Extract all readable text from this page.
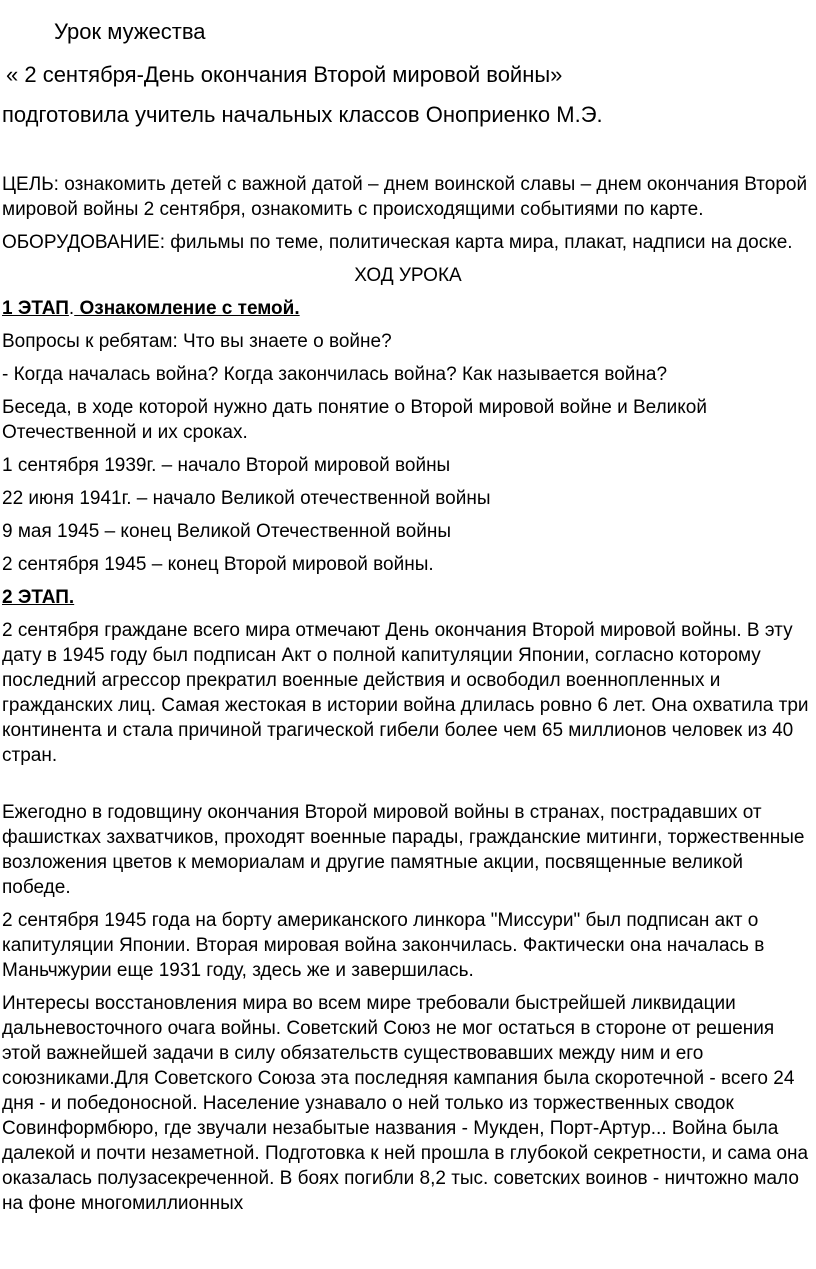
Урок мужества
« 2 сентября-День окончания Второй мировой войны»
подготовила учитель начальных классов Оноприенко М.Э.

ЦЕЛЬ: ознакомить детей с важной датой – днем воинской славы – днем окончания Второй мировой войны 2 сентября, ознакомить с происходящими событиями по карте.

ОБОРУДОВАНИЕ: фильмы по теме, политическая карта мира, плакат, надписи на доске.

ХОД УРОКА

1 ЭТАП. Ознакомление с темой.

Вопросы к ребятам: Что вы знаете о войне?

- Когда началась война? Когда закончилась война? Как называется война?

Беседа, в ходе которой нужно дать понятие о Второй мировой войне и Великой Отечественной и их сроках.

1 сентября 1939г. – начало Второй мировой войны

22 июня 1941г. – начало Великой отечественной войны

9 мая 1945 – конец Великой Отечественной войны

2 сентября 1945 – конец Второй мировой войны.

2 ЭТАП.

2 сентября граждане всего мира отмечают День окончания Второй мировой войны. В эту дату в 1945 году был подписан Акт о полной капитуляции Японии, согласно которому последний агрессор прекратил военные действия и освободил военнопленных и гражданских лиц. Самая жестокая в истории война длилась ровно 6 лет. Она охватила три континента и стала причиной трагической гибели более чем 65 миллионов человек из 40 стран.

Ежегодно в годовщину окончания Второй мировой войны в странах, пострадавших от фашистках захватчиков, проходят военные парады, гражданские митинги, торжественные возложения цветов к мемориалам и другие памятные акции, посвященные великой победе.

2 сентября 1945 года на борту американского линкора "Миссури" был подписан акт о капитуляции Японии. Вторая мировая война закончилась. Фактически она началась в Маньчжурии еще 1931 году, здесь же и завершилась.

Интересы восстановления мира во всем мире требовали быстрейшей ликвидации дальневосточного очага войны. Советский Союз не мог остаться в стороне от решения этой важнейшей задачи в силу обязательств существовавших между ним и его союзниками.Для Советского Союза эта последняя кампания была скоротечной - всего 24 дня - и победоносной. Население узнавало о ней только из торжественных сводок Совинформбюро, где звучали незабытые названия - Мукден, Порт-Артур... Война была далекой и почти незаметной. Подготовка к ней прошла в глубокой секретности, и сама она оказалась полузасекреченной. В боях погибли 8,2 тыс. советских воинов - ничтожно мало на фоне многомиллионных
